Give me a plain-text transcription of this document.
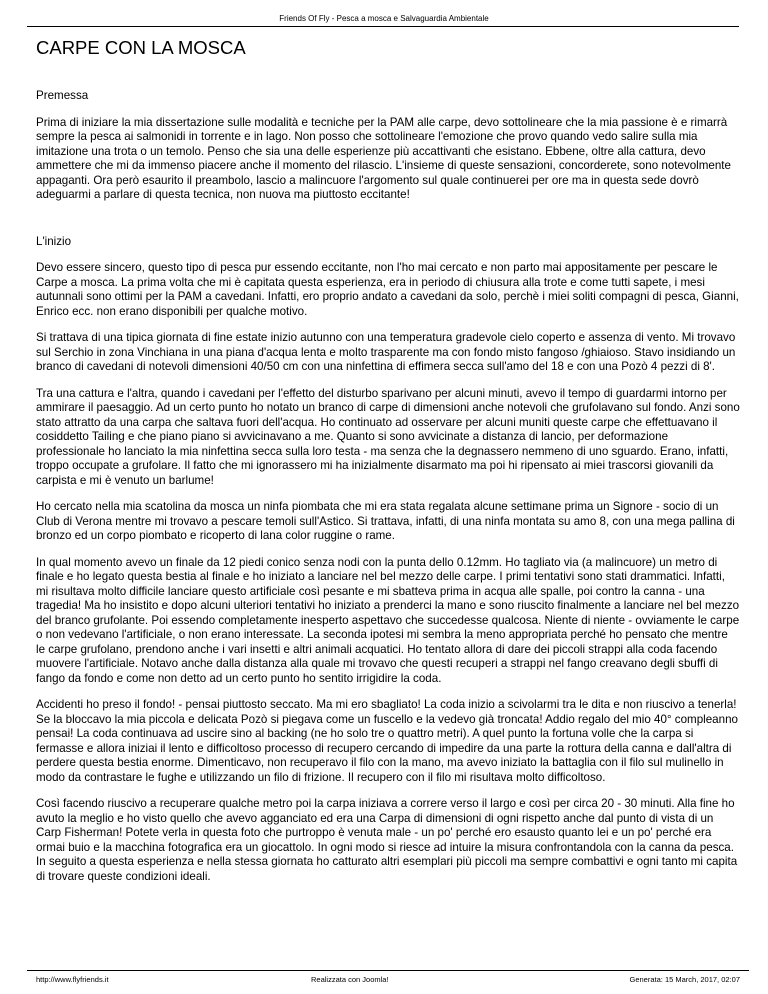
Friends Of Fly - Pesca a mosca e Salvaguardia Ambientale
CARPE CON LA MOSCA

Premessa

Prima di iniziare la mia dissertazione sulle modalità e tecniche per la PAM alle carpe, devo sottolineare che la mia passione è e rimarrà sempre la pesca ai salmonidi in torrente e in lago. Non posso che sottolineare l'emozione che provo quando vedo salire sulla mia imitazione una trota o un temolo. Penso che sia una delle esperienze più accattivanti che esistano. Ebbene, oltre alla cattura, devo ammettere che mi da immenso piacere anche il momento del rilascio. L'insieme di queste sensazioni, concorderete, sono notevolmente appaganti. Ora però esaurito il preambolo, lascio a malincuore l'argomento sul quale continuerei per ore ma in questa sede dovrò adeguarmi a parlare di questa tecnica, non nuova ma piuttosto eccitante!

L'inizio

Devo essere sincero, questo tipo di pesca pur essendo eccitante, non l'ho mai cercato e non parto mai appositamente per pescare le Carpe a mosca. La prima volta che mi è capitata questa esperienza, era in periodo di chiusura alla trote e come tutti sapete, i mesi autunnali sono ottimi per la PAM a cavedani. Infatti, ero proprio andato a cavedani da solo, perchè i miei soliti compagni di pesca, Gianni, Enrico ecc. non erano disponibili per qualche motivo.

Si trattava di una tipica giornata di fine estate inizio autunno con una temperatura gradevole cielo coperto e assenza di vento. Mi trovavo sul Serchio in zona Vinchiana in una piana d'acqua lenta e molto trasparente ma con fondo misto fangoso /ghiaioso. Stavo insidiando un branco di cavedani di notevoli dimensioni 40/50 cm con una ninfettina di effimera secca sull'amo del 18 e con una Pozò 4 pezzi di 8'.

Tra una cattura e l'altra, quando i cavedani per l'effetto del disturbo sparivano per alcuni minuti, avevo il tempo di guardarmi intorno per ammirare il paesaggio. Ad un certo punto ho notato un branco di carpe di dimensioni anche notevoli che grufolavano sul fondo. Anzi sono stato attratto da una carpa che saltava fuori dell'acqua. Ho continuato ad osservare per alcuni muniti queste carpe che effettuavano il cosiddetto Tailing e che piano piano si avvicinavano a me. Quanto si sono avvicinate a distanza di lancio, per deformazione professionale ho lanciato la mia ninfettina secca sulla loro testa - ma senza che la degnassero nemmeno di uno sguardo. Erano, infatti, troppo occupate a grufolare. Il fatto che mi ignorassero mi ha inizialmente disarmato ma poi hi ripensato ai miei trascorsi giovanili da carpista e mi è venuto un barlume!

Ho cercato nella mia scatolina da mosca un ninfa piombata che mi era stata regalata alcune settimane prima un Signore - socio di un Club di Verona mentre mi trovavo a pescare temoli sull'Astico. Si trattava, infatti, di una ninfa montata su amo 8, con una mega pallina di bronzo ed un corpo piombato e ricoperto di lana color ruggine o rame.

In qual momento avevo un finale da 12 piedi conico senza nodi con la punta dello 0.12mm. Ho tagliato via (a malincuore) un metro di finale e ho legato questa bestia al finale e ho iniziato a lanciare nel bel mezzo delle carpe. I primi tentativi sono stati drammatici. Infatti, mi risultava molto difficile lanciare questo artificiale così pesante e mi sbatteva prima in acqua alle spalle, poi contro la canna - una tragedia! Ma ho insistito e dopo alcuni ulteriori tentativi ho iniziato a prenderci la mano e sono riuscito finalmente a lanciare nel bel mezzo del branco grufolante. Poi essendo completamente inesperto aspettavo che succedesse qualcosa. Niente di niente - ovviamente le carpe o non vedevano l'artificiale, o non erano interessate. La seconda ipotesi mi sembra la meno appropriata perché ho pensato che mentre le carpe grufolano, prendono anche i vari insetti e altri animali acquatici. Ho tentato allora di dare dei piccoli strappi alla coda facendo muovere l'artificiale. Notavo anche dalla distanza alla quale mi trovavo che questi recuperi a strappi nel fango creavano degli sbuffi di fango da fondo e come non detto ad un certo punto ho sentito irrigidire la coda.

Accidenti ho preso il fondo! - pensai piuttosto seccato. Ma mi ero sbagliato! La coda inizio a scivolarmi tra le dita e non riuscivo a tenerla! Se la bloccavo la mia piccola e delicata Pozò si piegava come un fuscello e la vedevo già troncata! Addio regalo del mio 40° compleanno pensai! La coda continuava ad uscire sino al backing (ne ho solo tre o quattro metri). A quel punto la fortuna volle che la carpa si fermasse e allora iniziai il lento e difficoltoso processo di recupero cercando di impedire da una parte la rottura della canna e dall'altra di perdere questa bestia enorme. Dimenticavo, non recuperavo il filo con la mano, ma avevo iniziato la battaglia con il filo sul mulinello in modo da contrastare le fughe e utilizzando un filo di frizione. Il recupero con il filo mi risultava molto difficoltoso.

Così facendo riuscivo a recuperare qualche metro poi la carpa iniziava a correre verso il largo e così per circa 20 - 30 minuti. Alla fine ho avuto la meglio e ho visto quello che avevo agganciato ed era una Carpa di dimensioni di ogni rispetto anche dal punto di vista di un Carp Fisherman! Potete verla in questa foto che purtroppo è venuta male - un po' perché ero esausto quanto lei e un po' perché era ormai buio e la macchina fotografica era un giocattolo. In ogni modo si riesce ad intuire la misura confrontandola con la canna da pesca. In seguito a questa esperienza e nella stessa giornata ho catturato altri esemplari più piccoli ma sempre combattivi e ogni tanto mi capita di trovare queste condizioni ideali.

http://www.flyfriends.it	Realizzata con Joomla!	Generata: 15 March, 2017, 02:07
